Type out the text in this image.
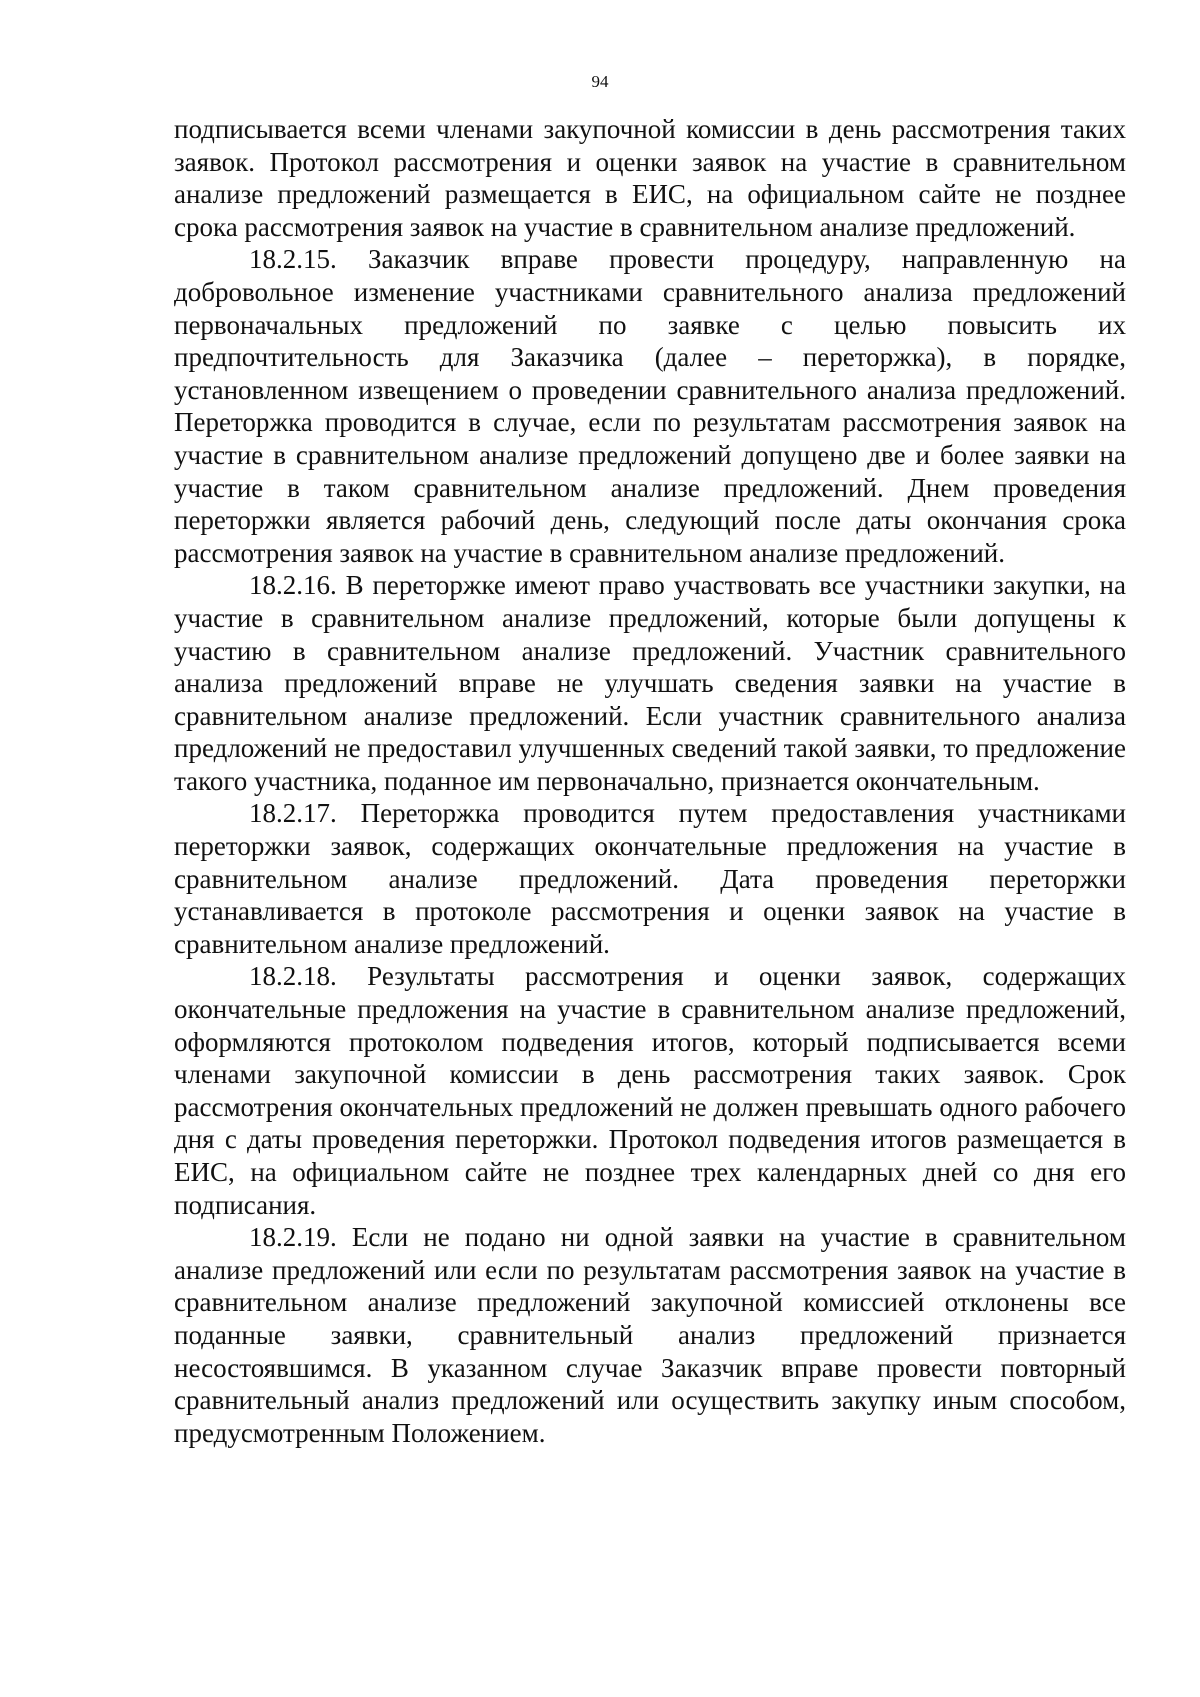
94

подписывается всеми членами закупочной комиссии в день рассмотрения таких заявок. Протокол рассмотрения и оценки заявок на участие в сравнительном анализе предложений размещается в ЕИС, на официальном сайте не позднее срока рассмотрения заявок на участие в сравнительном анализе предложений.

18.2.15. Заказчик вправе провести процедуру, направленную на добровольное изменение участниками сравнительного анализа предложений первоначальных предложений по заявке с целью повысить их предпочтительность для Заказчика (далее – переторжка), в порядке, установленном извещением о проведении сравнительного анализа предложений. Переторжка проводится в случае, если по результатам рассмотрения заявок на участие в сравнительном анализе предложений допущено две и более заявки на участие в таком сравнительном анализе предложений. Днем проведения переторжки является рабочий день, следующий после даты окончания срока рассмотрения заявок на участие в сравнительном анализе предложений.

18.2.16. В переторжке имеют право участвовать все участники закупки, на участие в сравнительном анализе предложений, которые были допущены к участию в сравнительном анализе предложений. Участник сравнительного анализа предложений вправе не улучшать сведения заявки на участие в сравнительном анализе предложений. Если участник сравнительного анализа предложений не предоставил улучшенных сведений такой заявки, то предложение такого участника, поданное им первоначально, признается окончательным.

18.2.17. Переторжка проводится путем предоставления участниками переторжки заявок, содержащих окончательные предложения на участие в сравнительном анализе предложений. Дата проведения переторжки устанавливается в протоколе рассмотрения и оценки заявок на участие в сравнительном анализе предложений.

18.2.18. Результаты рассмотрения и оценки заявок, содержащих окончательные предложения на участие в сравнительном анализе предложений, оформляются протоколом подведения итогов, который подписывается всеми членами закупочной комиссии в день рассмотрения таких заявок. Срок рассмотрения окончательных предложений не должен превышать одного рабочего дня с даты проведения переторжки. Протокол подведения итогов размещается в ЕИС, на официальном сайте не позднее трех календарных дней со дня его подписания.

18.2.19. Если не подано ни одной заявки на участие в сравнительном анализе предложений или если по результатам рассмотрения заявок на участие в сравнительном анализе предложений закупочной комиссией отклонены все поданные заявки, сравнительный анализ предложений признается несостоявшимся. В указанном случае Заказчик вправе провести повторный сравнительный анализ предложений или осуществить закупку иным способом, предусмотренным Положением.
